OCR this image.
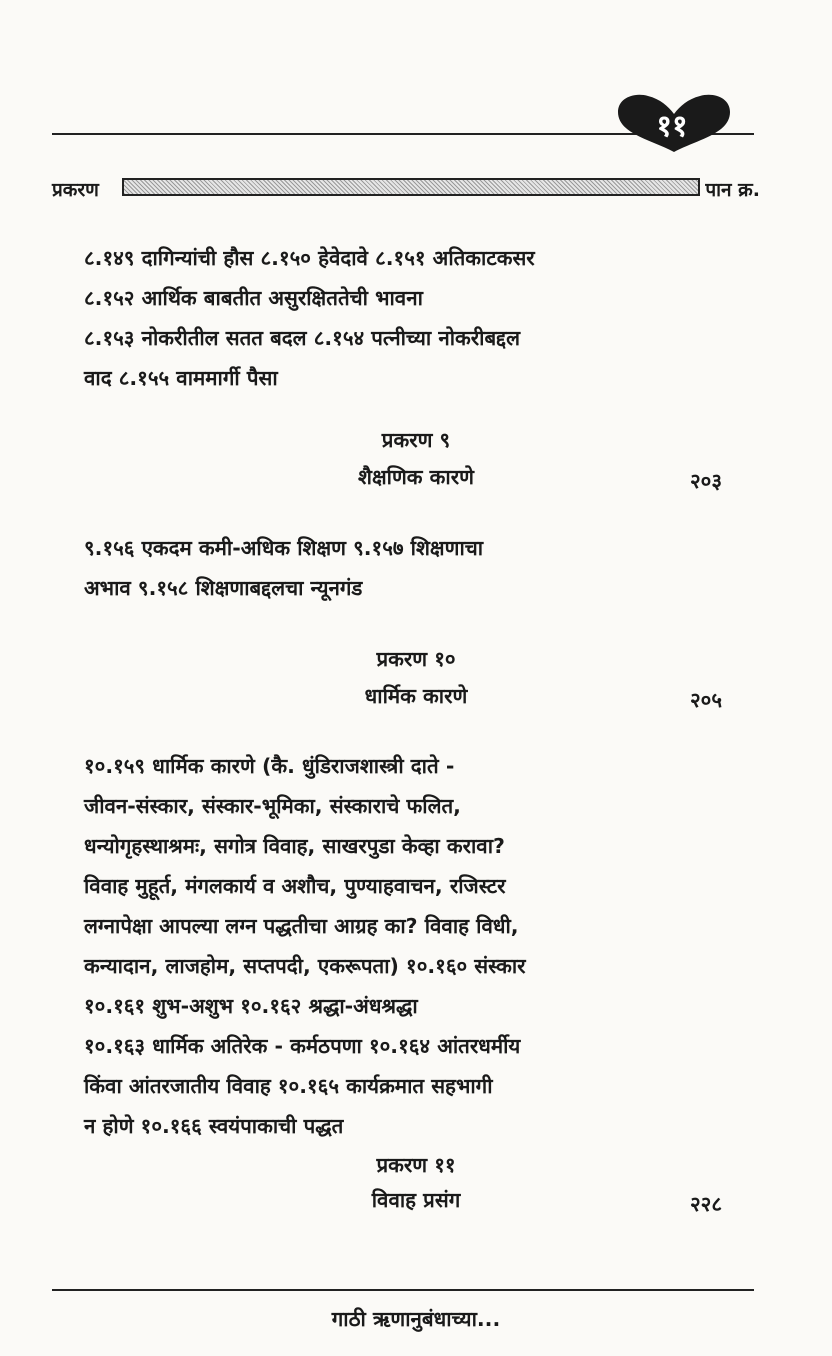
११
प्रकरण	पान क्र.
८.१४९ दागिन्यांची हौस ८.१५० हेवेदावे ८.१५१ अतिकाटकसर
८.१५२ आर्थिक बाबतीत असुरक्षिततेची भावना
८.१५३ नोकरीतील सतत बदल ८.१५४ पत्नीच्या नोकरीबद्दल
वाद ८.१५५ वाममार्गी पैसा
प्रकरण ९
शैक्षणिक कारणे	२०३
९.१५६ एकदम कमी-अधिक शिक्षण ९.१५७ शिक्षणाचा
अभाव ९.१५८ शिक्षणाबद्दलचा न्यूनगंड
प्रकरण १०
धार्मिक कारणे	२०५
१०.१५९ धार्मिक कारणे (कै. धुंडिराजशास्त्री दाते -
जीवन-संस्कार, संस्कार-भूमिका, संस्काराचे फलित,
धन्योगृहस्थाश्रमः, सगोत्र विवाह, साखरपुडा केव्हा करावा?
विवाह मुहूर्त, मंगलकार्य व अशौच, पुण्याहवाचन, रजिस्टर
लग्नापेक्षा आपल्या लग्न पद्धतीचा आग्रह का? विवाह विधी,
कन्यादान, लाजहोम, सप्तपदी, एकरूपता) १०.१६० संस्कार
१०.१६१ शुभ-अशुभ १०.१६२ श्रद्धा-अंधश्रद्धा
१०.१६३ धार्मिक अतिरेक - कर्मठपणा १०.१६४ आंतरधर्मीय
किंवा आंतरजातीय विवाह १०.१६५ कार्यक्रमात सहभागी
न होणे १०.१६६ स्वयंपाकाची पद्धत
प्रकरण ११
विवाह प्रसंग	२२८
गाठी ऋणानुबंधाच्या...
